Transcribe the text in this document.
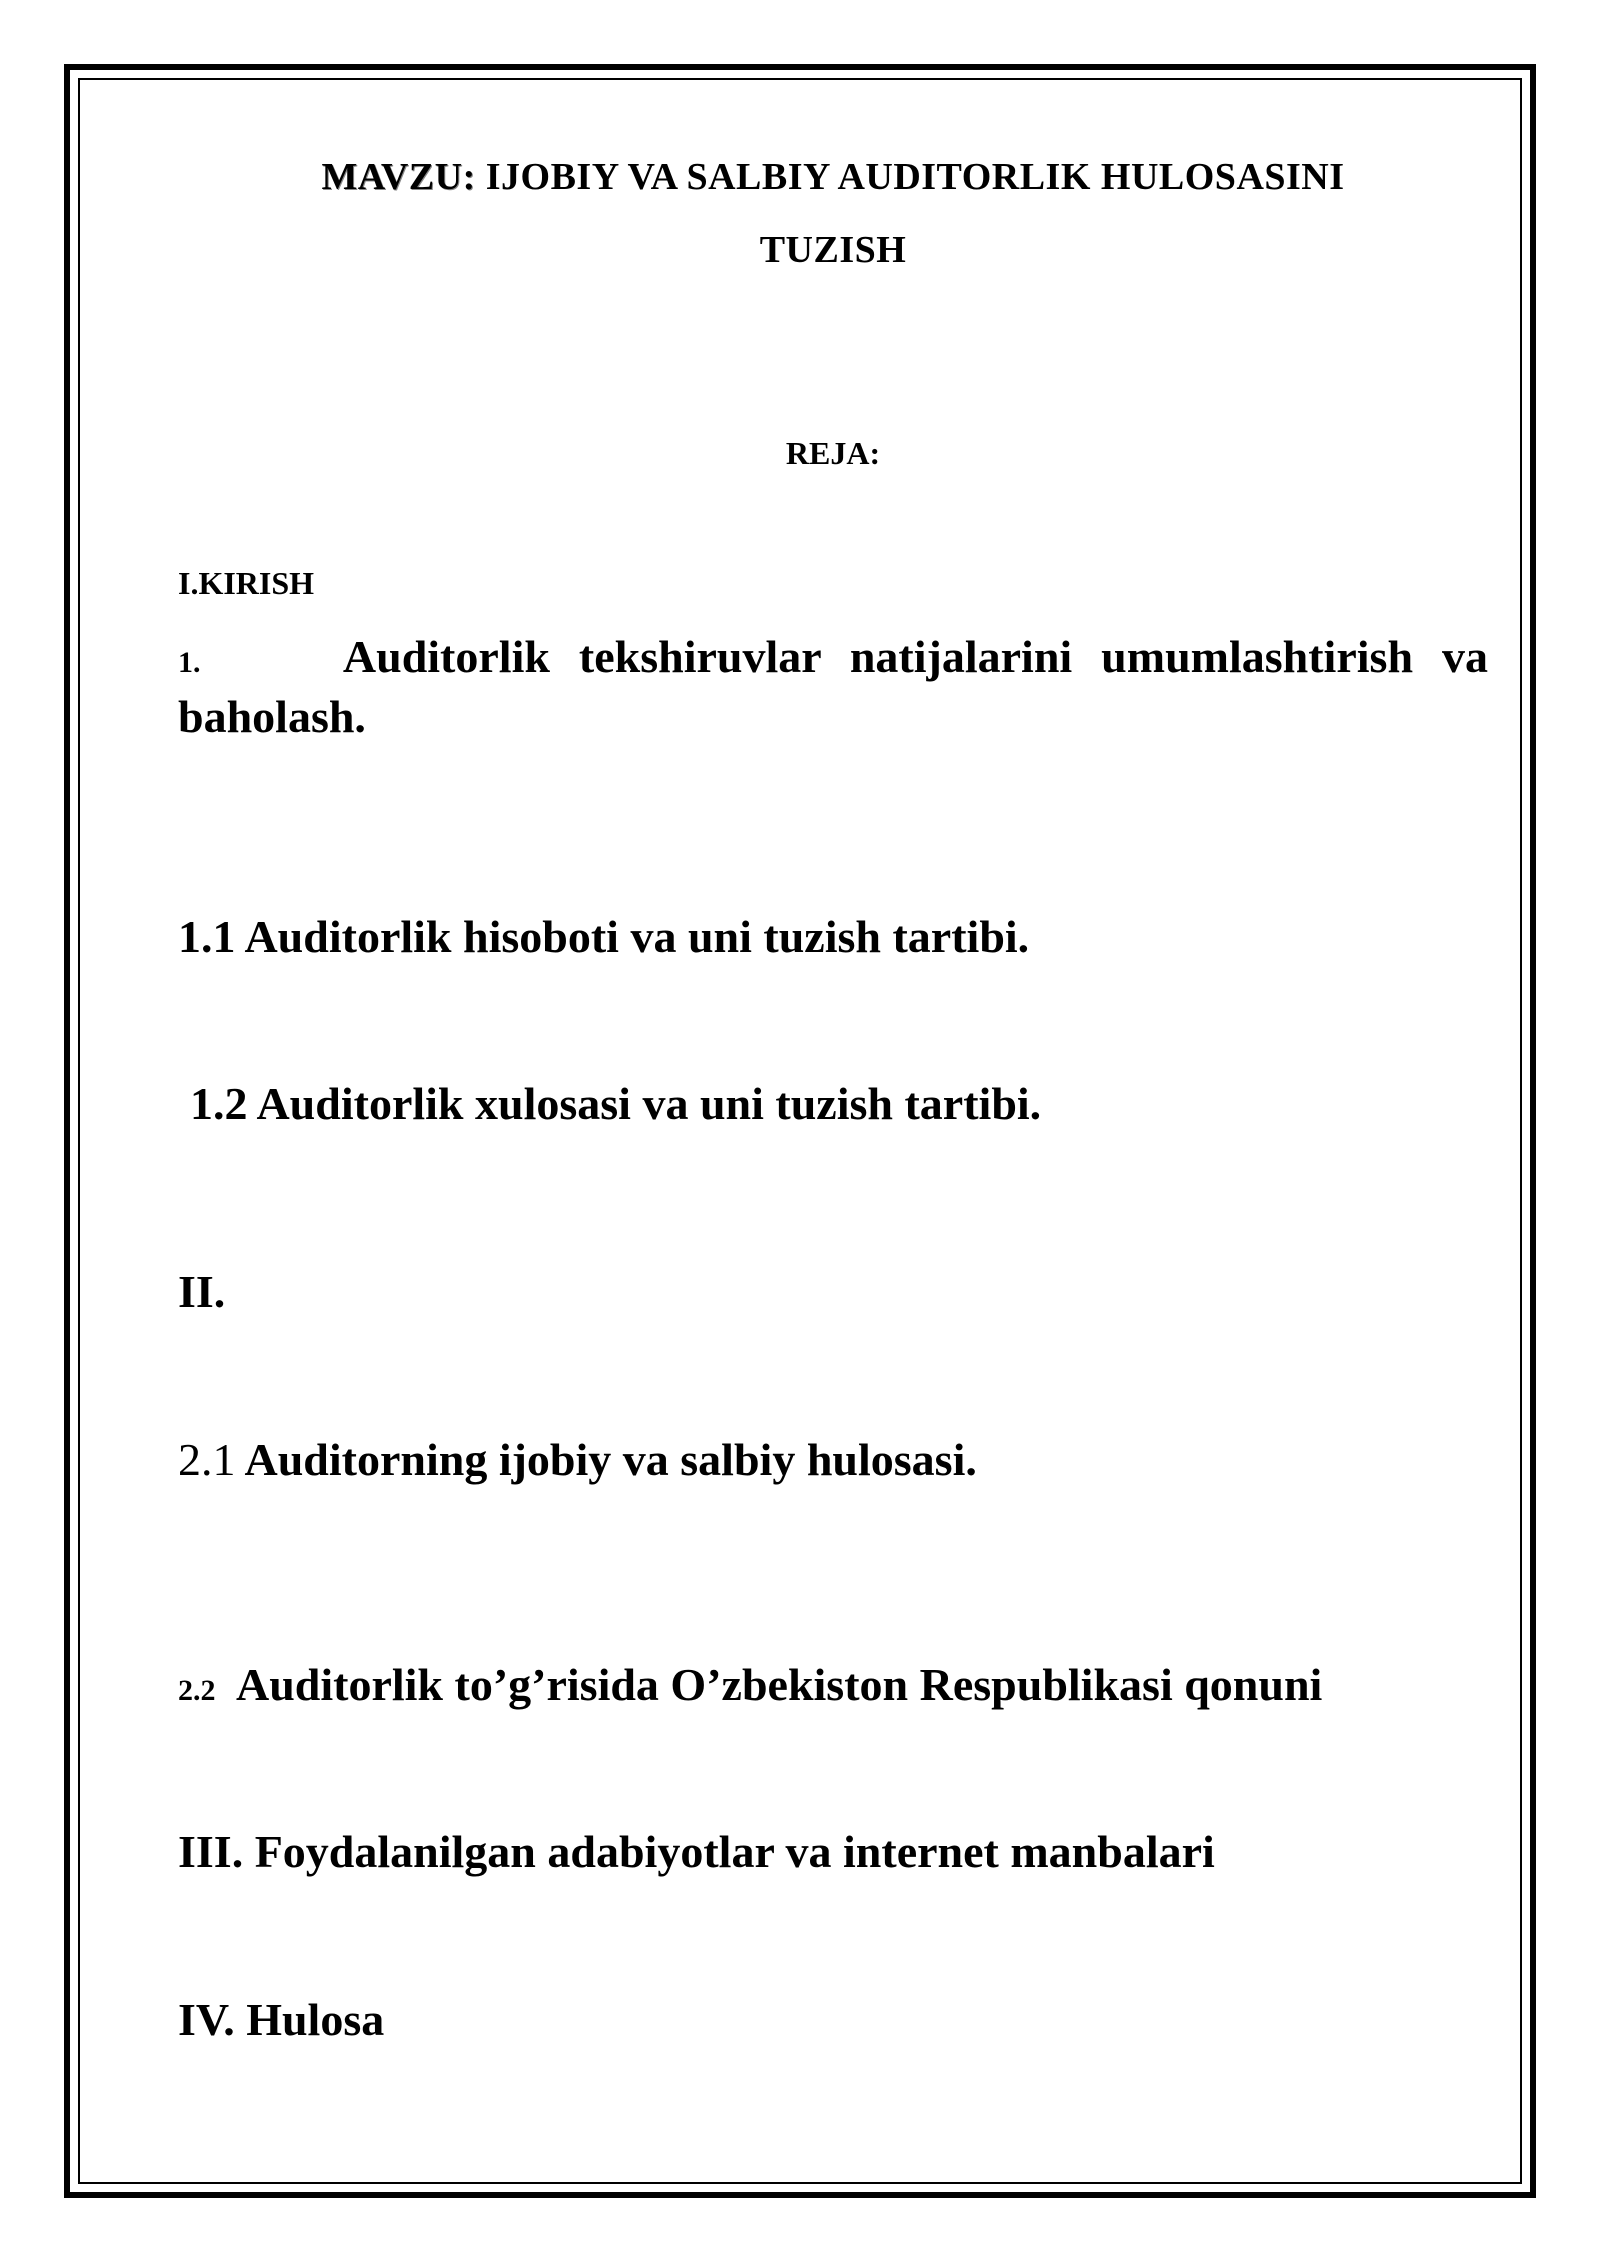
MAVZU: IJOBIY VA SALBIY AUDITORLIK HULOSASINI
TUZISH
REJA:
I.KIRISH
1.	Auditorlik tekshiruvlar natijalarini umumlashtirish va baholash.
1.1 Auditorlik hisoboti va uni tuzish tartibi.
1.2 Auditorlik xulosasi va uni tuzish tartibi.
II.
2.1 Auditorning ijobiy va salbiy hulosasi.
2.2 Auditorlik to’g’risida O’zbekiston Respublikasi qonuni
III. Foydalanilgan adabiyotlar va internet manbalari
IV. Hulosa
